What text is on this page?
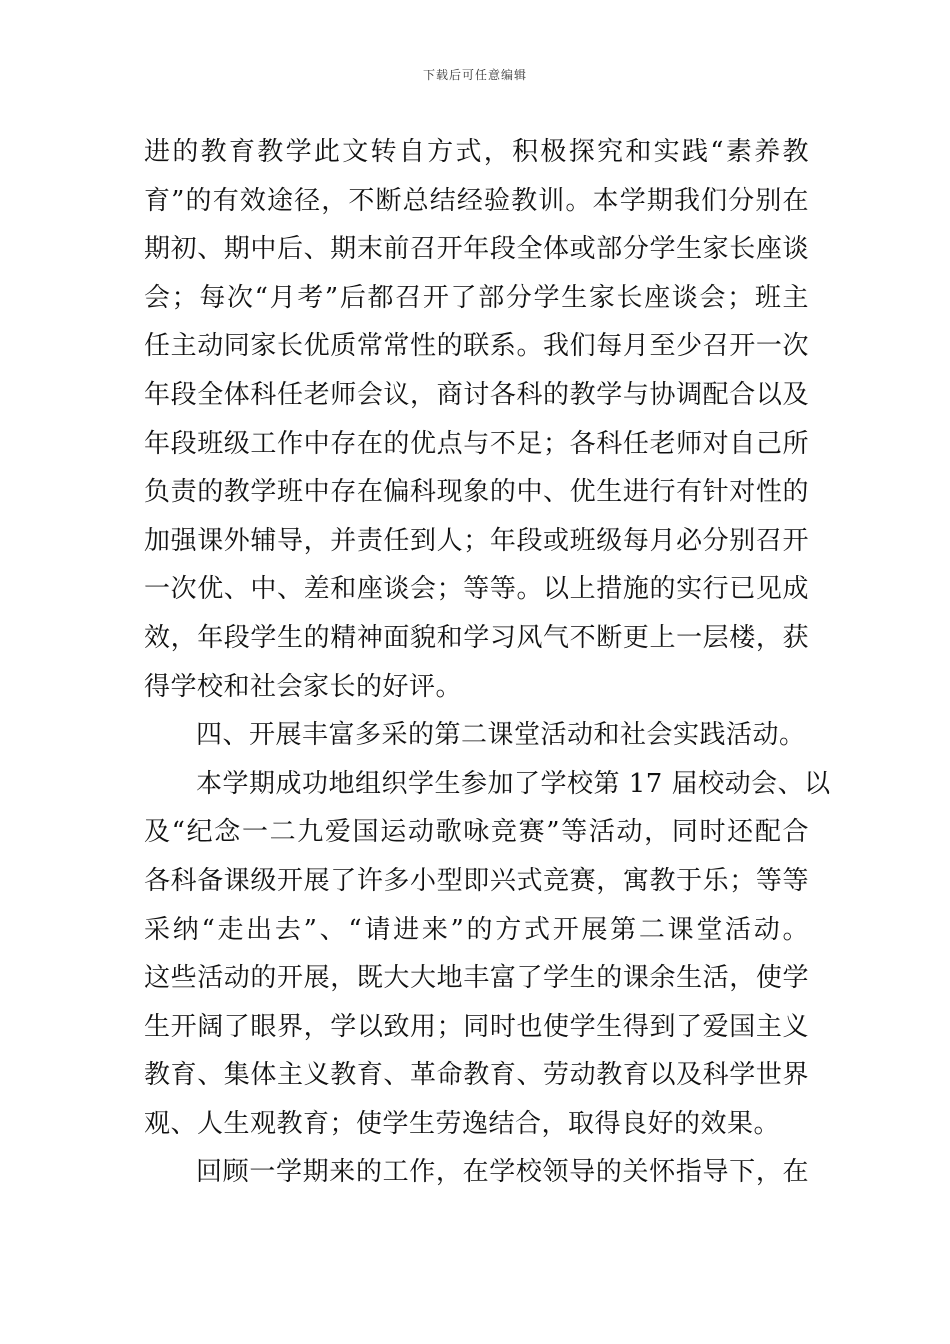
下载后可任意编辑
进的教育教学此文转自方式，积极探究和实践“素养教
育”的有效途径，不断总结经验教训。本学期我们分别在
期初、期中后、期末前召开年段全体或部分学生家长座谈
会；每次“月考”后都召开了部分学生家长座谈会；班主
任主动同家长优质常常性的联系。我们每月至少召开一次
年段全体科任老师会议，商讨各科的教学与协调配合以及
年段班级工作中存在的优点与不足；各科任老师对自己所
负责的教学班中存在偏科现象的中、优生进行有针对性的
加强课外辅导，并责任到人；年段或班级每月必分别召开
一次优、中、差和座谈会；等等。以上措施的实行已见成
效，年段学生的精神面貌和学习风气不断更上一层楼，获
得学校和社会家长的好评。
四、开展丰富多采的第二课堂活动和社会实践活动。
本学期成功地组织学生参加了学校第 17 届校动会、以
及“纪念一二九爱国运动歌咏竞赛”等活动，同时还配合
各科备课级开展了许多小型即兴式竞赛，寓教于乐；等等
采纳“走出去”、“请进来”的方式开展第二课堂活动。
这些活动的开展，既大大地丰富了学生的课余生活，使学
生开阔了眼界，学以致用；同时也使学生得到了爱国主义
教育、集体主义教育、革命教育、劳动教育以及科学世界
观、人生观教育；使学生劳逸结合，取得良好的效果。
回顾一学期来的工作，在学校领导的关怀指导下，在
